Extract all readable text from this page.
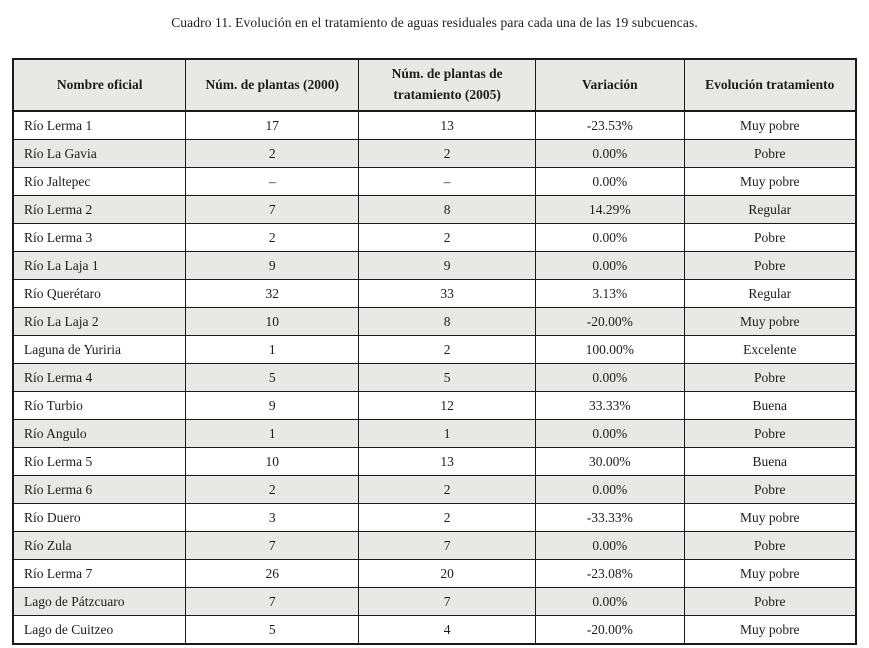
Cuadro 11. Evolución en el tratamiento de aguas residuales para cada una de las 19 subcuencas.

Nombre oficial	Núm. de plantas (2000)	Núm. de plantas de tratamiento (2005)	Variación	Evolución tratamiento
Río Lerma 1	17	13	-23.53%	Muy pobre
Río La Gavia	2	2	0.00%	Pobre
Río Jaltepec	–	–	0.00%	Muy pobre
Río Lerma 2	7	8	14.29%	Regular
Río Lerma 3	2	2	0.00%	Pobre
Río La Laja 1	9	9	0.00%	Pobre
Río Querétaro	32	33	3.13%	Regular
Río La Laja 2	10	8	-20.00%	Muy pobre
Laguna de Yuriria	1	2	100.00%	Excelente
Río Lerma 4	5	5	0.00%	Pobre
Río Turbio	9	12	33.33%	Buena
Río Angulo	1	1	0.00%	Pobre
Río Lerma 5	10	13	30.00%	Buena
Río Lerma 6	2	2	0.00%	Pobre
Río Duero	3	2	-33.33%	Muy pobre
Río Zula	7	7	0.00%	Pobre
Río Lerma 7	26	20	-23.08%	Muy pobre
Lago de Pátzcuaro	7	7	0.00%	Pobre
Lago de Cuitzeo	5	4	-20.00%	Muy pobre
